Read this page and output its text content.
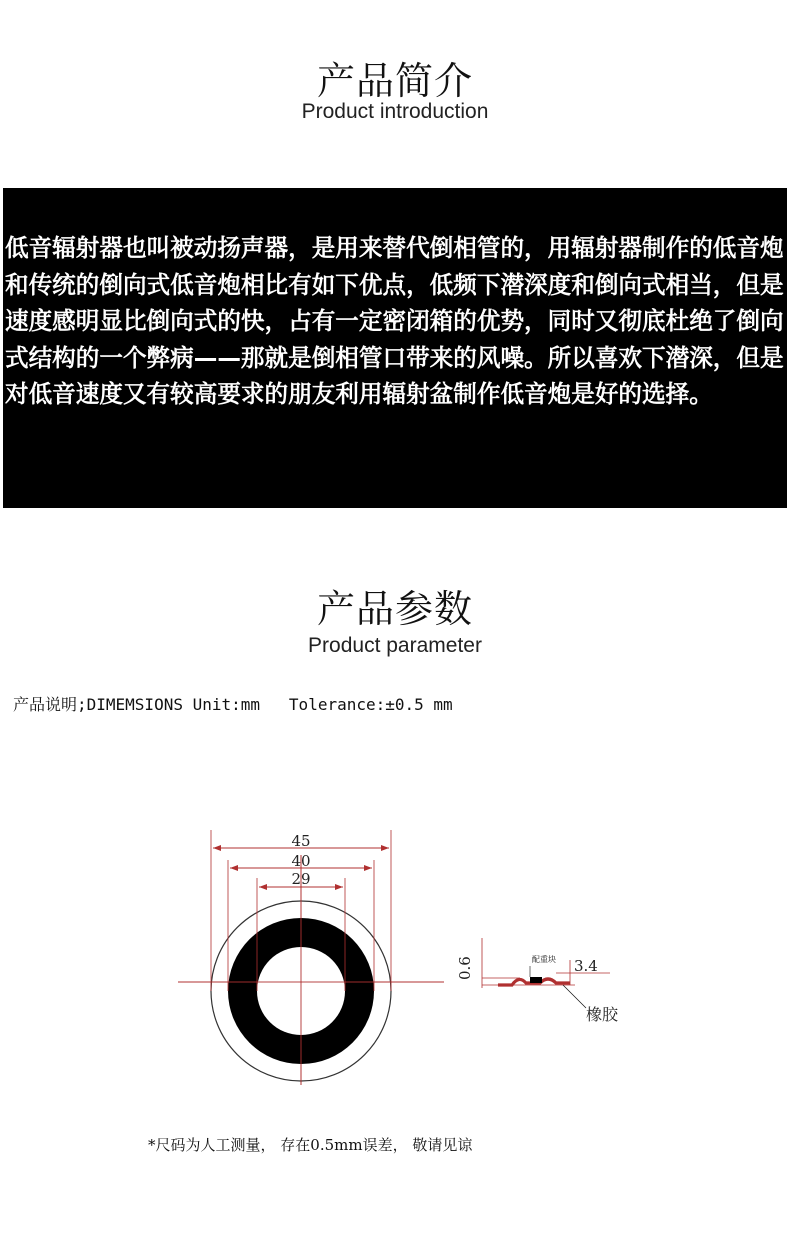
产品简介
Product introduction

低音辐射器也叫被动扬声器，是用来替代倒相管的，用辐射器制作的低音炮和传统的倒向式低音炮相比有如下优点，低频下潜深度和倒向式相当，但是速度感明显比倒向式的快，占有一定密闭箱的优势，同时又彻底杜绝了倒向式结构的一个弊病——那就是倒相管口带来的风噪。所以喜欢下潜深，但是对低音速度又有较高要求的朋友利用辐射盆制作低音炮是好的选择。

产品参数
Product parameter
产品说明;DIMEMSIONS Unit:mm   Tolerance:±0.5 mm
45
40
29
0.6	配重块 3.4
橡胶
*尺码为人工测量， 存在0.5mm误差， 敬请见谅
